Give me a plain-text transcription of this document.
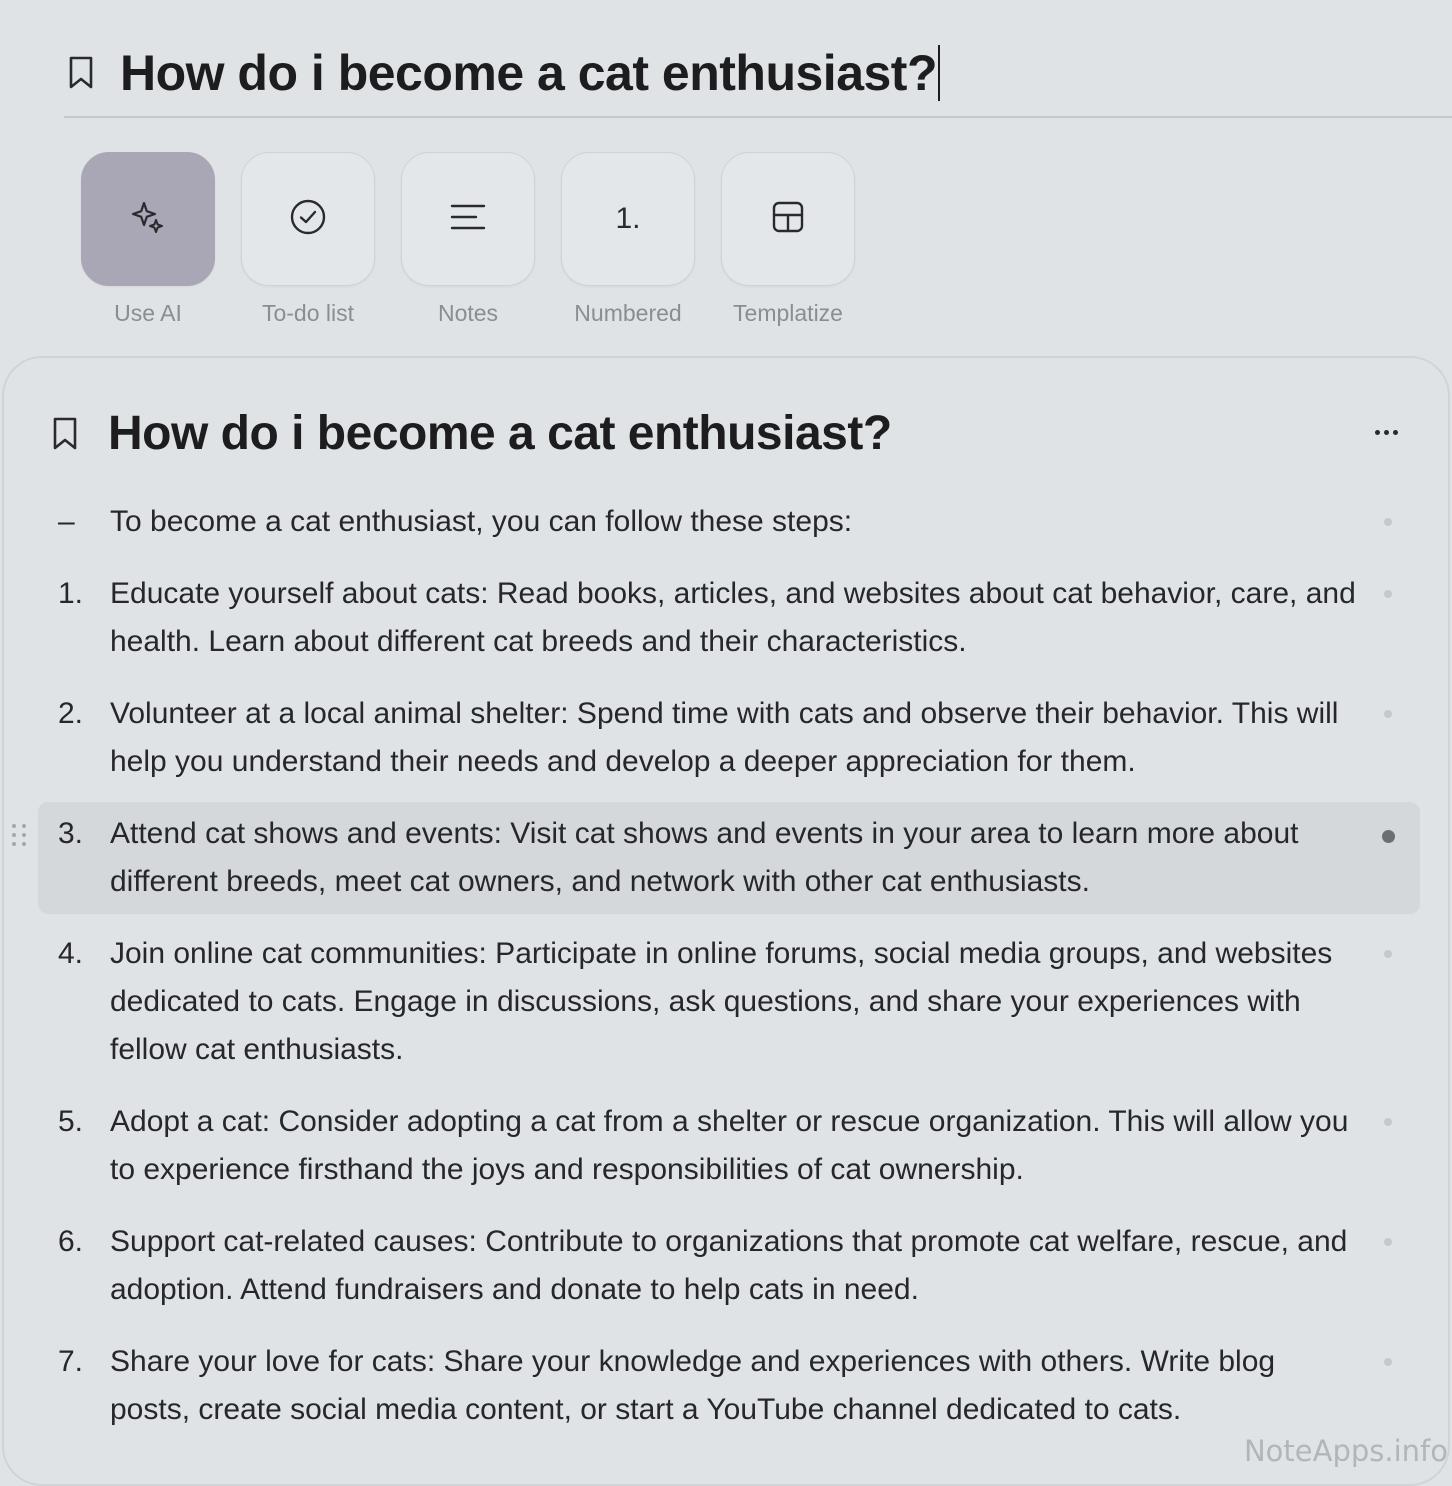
How do i become a cat enthusiast?
Use AI	To-do list	Notes
1.
Numbered Templatize
How do i become a cat enthusiast?
–	To become a cat enthusiast, you can follow these steps:
1. Educate yourself about cats: Read books, articles, and websites about cat behavior, care, and health. Learn about different cat breeds and their characteristics.
2. Volunteer at a local animal shelter: Spend time with cats and observe their behavior. This will help you understand their needs and develop a deeper appreciation for them.
3. Attend cat shows and events: Visit cat shows and events in your area to learn more about different breeds, meet cat owners, and network with other cat enthusiasts.
4. Join online cat communities: Participate in online forums, social media groups, and websites dedicated to cats. Engage in discussions, ask questions, and share your experiences with fellow cat enthusiasts.
5. Adopt a cat: Consider adopting a cat from a shelter or rescue organization. This will allow you to experience firsthand the joys and responsibilities of cat ownership.
6. Support cat-related causes: Contribute to organizations that promote cat welfare, rescue, and adoption. Attend fundraisers and donate to help cats in need.
7. Share your love for cats: Share your knowledge and experiences with others. Write blog posts, create social media content, or start a YouTube channel dedicated to cats.
NoteApps.info
